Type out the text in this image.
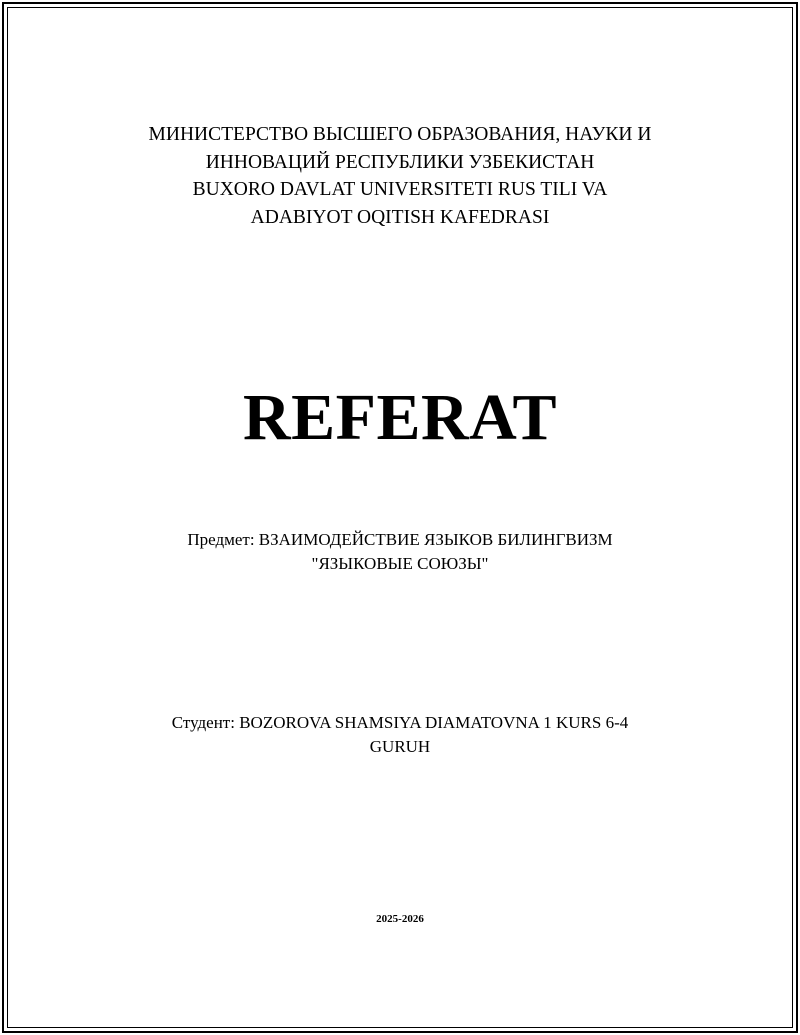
МИНИСТЕРСТВО ВЫСШЕГО ОБРАЗОВАНИЯ, НАУКИ И
ИННОВАЦИЙ РЕСПУБЛИКИ УЗБЕКИСТАН
BUXORO DAVLAT UNIVERSITETI RUS TILI VA
ADABIYOT OQITISH KAFEDRASI
REFERAT
Предмет: ВЗАИМОДЕЙСТВИЕ ЯЗЫКОВ БИЛИНГВИЗМ
"ЯЗЫКОВЫЕ СОЮЗЫ"
Студент: BOZOROVA SHAMSIYA DIAMATOVNA 1 KURS 6-4
GURUH
2025-2026
